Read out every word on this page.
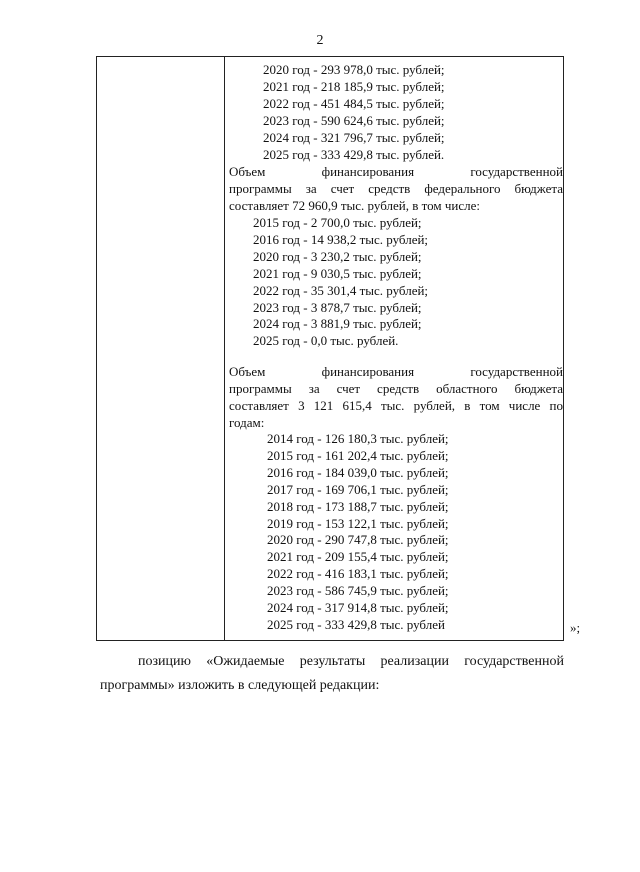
2
2020 год - 293 978,0 тыс. рублей;
2021 год - 218 185,9 тыс. рублей;
2022 год - 451 484,5 тыс. рублей;
2023 год - 590 624,6 тыс. рублей;
2024 год - 321 796,7 тыс. рублей;
2025 год - 333 429,8 тыс. рублей.
Объем финансирования государственной
программы за счет средств федерального бюджета
составляет 72 960,9 тыс. рублей, в том числе:
2015 год - 2 700,0 тыс. рублей;
2016 год - 14 938,2 тыс. рублей;
2020 год - 3 230,2 тыс. рублей;
2021 год - 9 030,5 тыс. рублей;
2022 год - 35 301,4 тыс. рублей;
2023 год - 3 878,7 тыс. рублей;
2024 год - 3 881,9 тыс. рублей;
2025 год - 0,0 тыс. рублей.
Объем финансирования государственной
программы за счет средств областного бюджета
составляет 3 121 615,4 тыс. рублей, в том числе по
годам:
2014 год - 126 180,3 тыс. рублей;
2015 год - 161 202,4 тыс. рублей;
2016 год - 184 039,0 тыс. рублей;
2017 год - 169 706,1 тыс. рублей;
2018 год - 173 188,7 тыс. рублей;
2019 год - 153 122,1 тыс. рублей;
2020 год - 290 747,8 тыс. рублей;
2021 год - 209 155,4 тыс. рублей;
2022 год - 416 183,1 тыс. рублей;
2023 год - 586 745,9 тыс. рублей;
2024 год - 317 914,8 тыс. рублей;
2025 год - 333 429,8 тыс. рублей	»;
позицию «Ожидаемые результаты реализации государственной
программы» изложить в следующей редакции:
